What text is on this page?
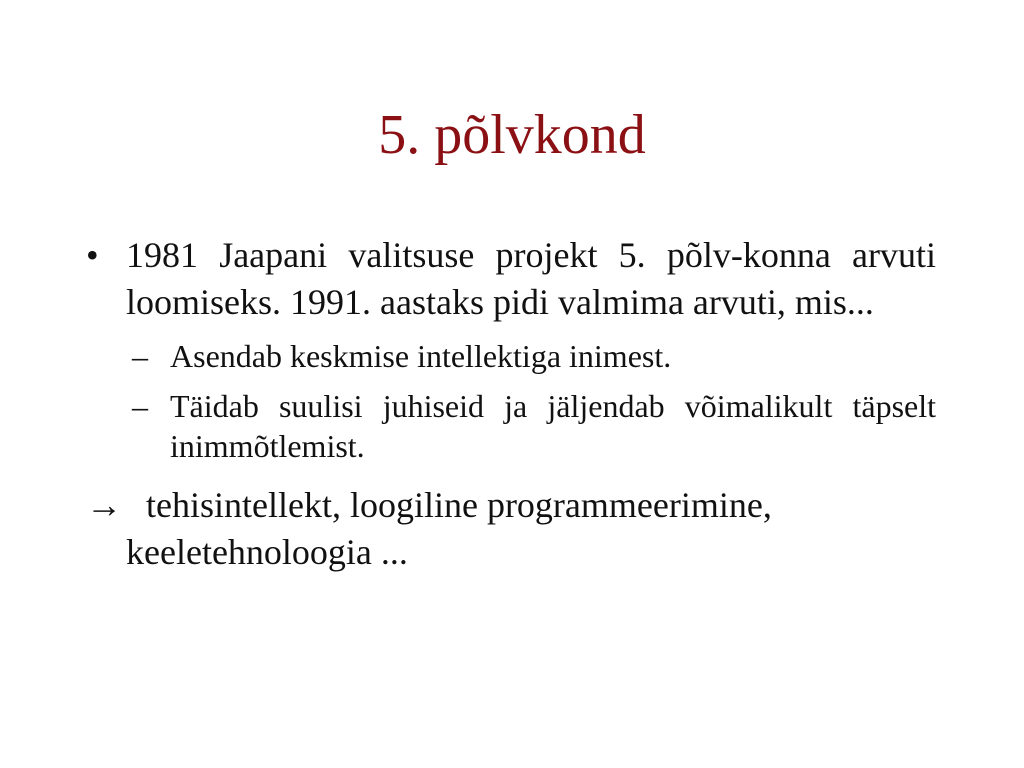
5. põlvkond
• 1981 Jaapani valitsuse projekt 5. põlv-konna arvuti loomiseks. 1991. aastaks pidi valmima arvuti, mis...
– Asendab keskmise intellektiga inimest.
– Täidab suulisi juhiseid ja jäljendab võimalikult täpselt inimmõtlemist.
→ tehisintellekt, loogiline programmeerimine, keeletehnoloogia ...
